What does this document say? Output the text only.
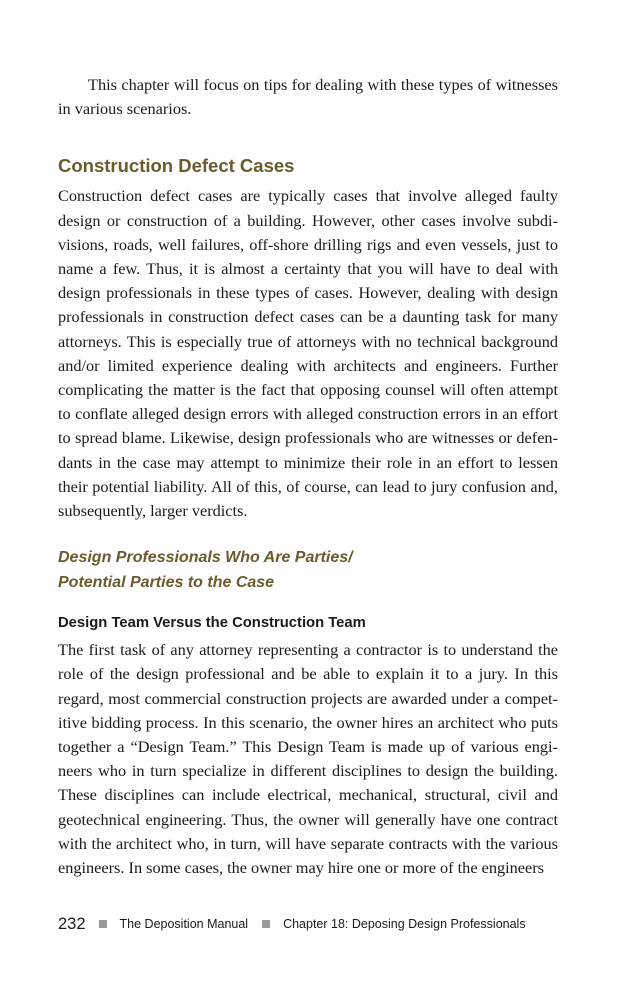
This chapter will focus on tips for dealing with these types of witnesses in various scenarios.

Construction Defect Cases

Construction defect cases are typically cases that involve alleged faulty design or construction of a building. However, other cases involve subdivisions, roads, well failures, off-shore drilling rigs and even vessels, just to name a few. Thus, it is almost a certainty that you will have to deal with design professionals in these types of cases. However, dealing with design professionals in construction defect cases can be a daunting task for many attorneys. This is especially true of attorneys with no technical background and/or limited experience dealing with architects and engineers. Further complicating the matter is the fact that opposing counsel will often attempt to conflate alleged design errors with alleged construction errors in an effort to spread blame. Likewise, design professionals who are witnesses or defendants in the case may attempt to minimize their role in an effort to lessen their potential liability. All of this, of course, can lead to jury confusion and, subsequently, larger verdicts.

Design Professionals Who Are Parties/
Potential Parties to the Case
Design Team Versus the Construction Team

The first task of any attorney representing a contractor is to understand the role of the design professional and be able to explain it to a jury. In this regard, most commercial construction projects are awarded under a competitive bidding process. In this scenario, the owner hires an architect who puts together a “Design Team.” This Design Team is made up of various engineers who in turn specialize in different disciplines to design the building. These disciplines can include electrical, mechanical, structural, civil and geotechnical engineering. Thus, the owner will generally have one contract with the architect who, in turn, will have separate contracts with the various engineers. In some cases, the owner may hire one or more of the engineers

232	The Deposition Manual	Chapter 18: Deposing Design Professionals
